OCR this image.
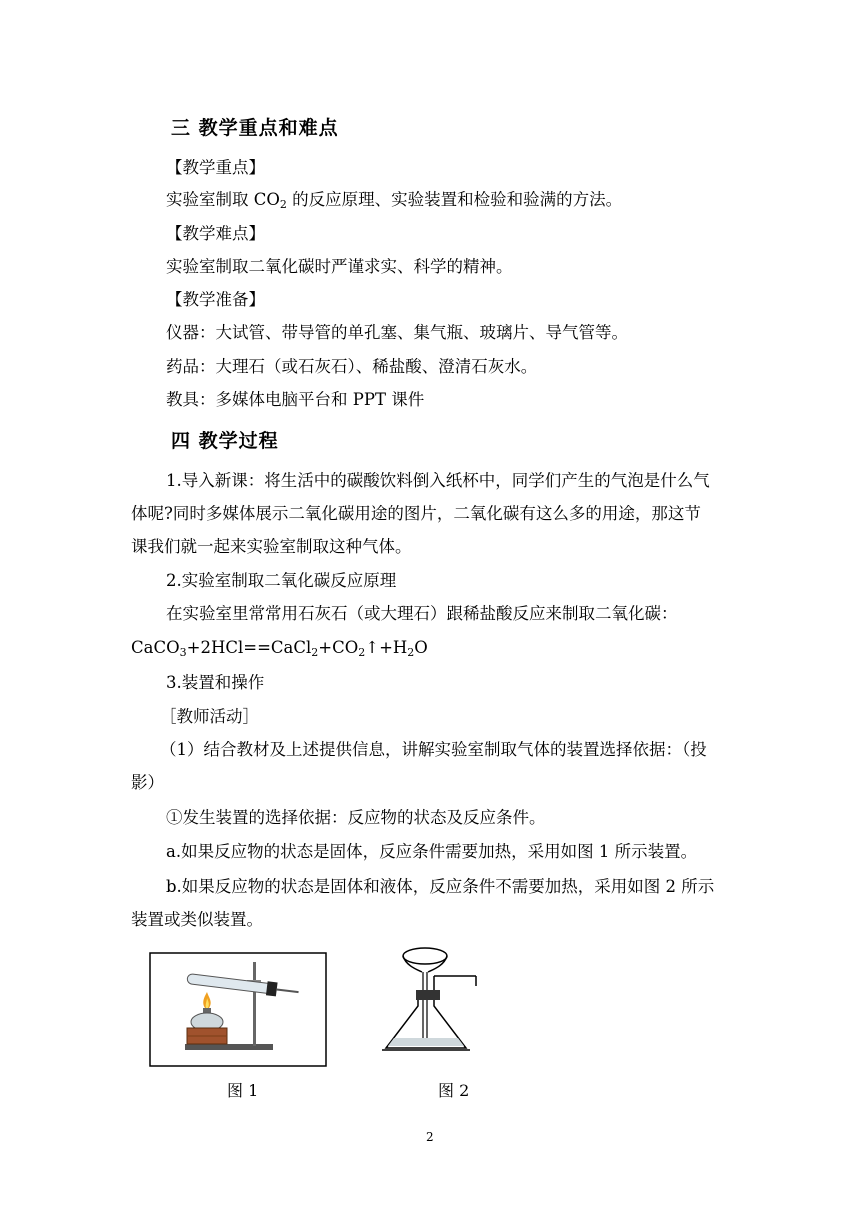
三 教学重点和难点
【教学重点】
实验室制取 $CO_2$ 的反应原理、实验装置和检验和验满的方法。
【教学难点】
实验室制取二氧化碳时严谨求实、科学的精神。
【教学准备】
仪器：大试管、带导管的单孔塞、集气瓶、玻璃片、导气管等。
药品：大理石（或石灰石）、稀盐酸、澄清石灰水。
教具：多媒体电脑平台和 PPT 课件
四 教学过程
1.导入新课：将生活中的碳酸饮料倒入纸杯中，同学们产生的气泡是什么气
体呢?同时多媒体展示二氧化碳用途的图片，二氧化碳有这么多的用途，那这节
课我们就一起来实验室制取这种气体。
2.实验室制取二氧化碳反应原理
在实验室里常常用石灰石（或大理石）跟稀盐酸反应来制取二氧化碳：
$CaCO_3+2HCl==CaCl_2+CO_2↑+H_2O$
3.装置和操作
［教师活动］
（1）结合教材及上述提供信息，讲解实验室制取气体的装置选择依据：（投
影）
①发生装置的选择依据：反应物的状态及反应条件。
a.如果反应物的状态是固体，反应条件需要加热，采用如图 1 所示装置。
b.如果反应物的状态是固体和液体，反应条件不需要加热，采用如图 2 所示
装置或类似装置。
图 1	图 2
2
